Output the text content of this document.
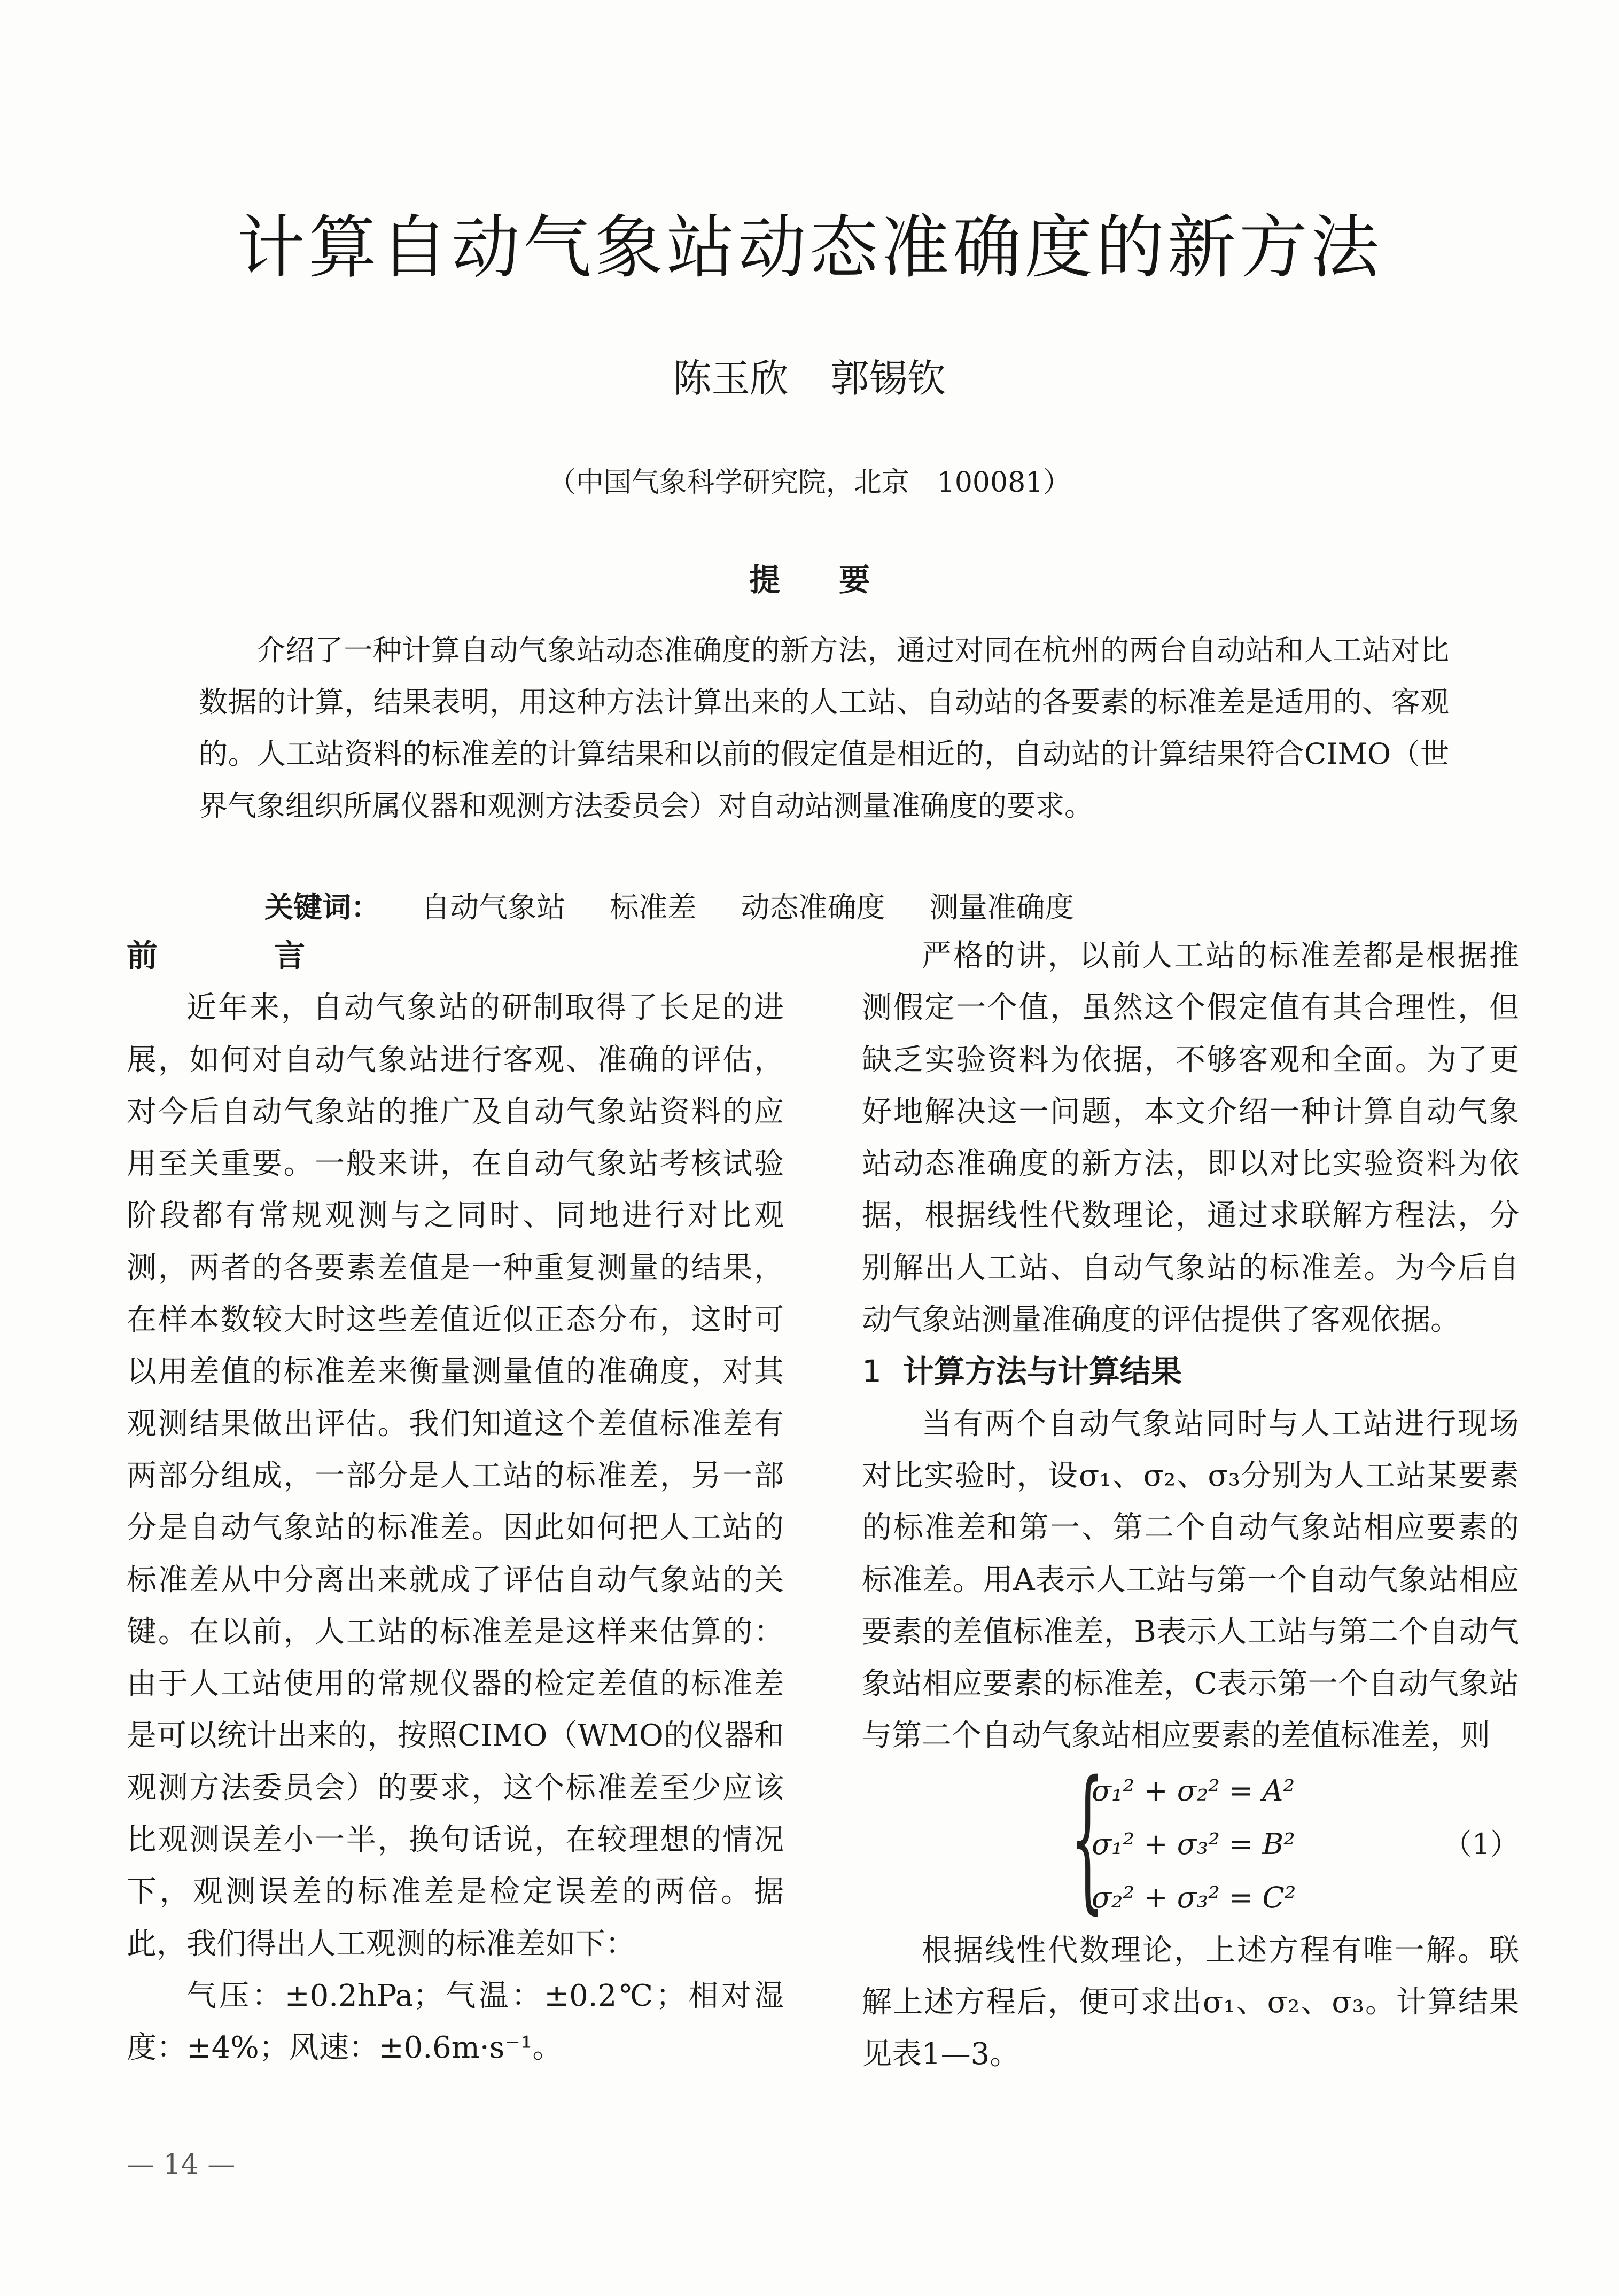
计算自动气象站动态准确度的新方法
陈玉欣 郭锡钦
（中国气象科学研究院，北京　100081）
提要
介绍了一种计算自动气象站动态准确度的新方法，通过对同在杭州的两台自动站和人工站对比数据的计算，结果表明，用这种方法计算出来的人工站、自动站的各要素的标准差是适用的、客观的。人工站资料的标准差的计算结果和以前的假定值是相近的，自动站的计算结果符合CIMO（世界气象组织所属仪器和观测方法委员会）对自动站测量准确度的要求。
关键词： 自动气象站 标准差 动态准确度 测量准确度
前　言

近年来，自动气象站的研制取得了长足的进展，如何对自动气象站进行客观、准确的评估，对今后自动气象站的推广及自动气象站资料的应用至关重要。一般来讲，在自动气象站考核试验阶段都有常规观测与之同时、同地进行对比观测，两者的各要素差值是一种重复测量的结果，在样本数较大时这些差值近似正态分布，这时可以用差值的标准差来衡量测量值的准确度，对其观测结果做出评估。我们知道这个差值标准差有两部分组成，一部分是人工站的标准差，另一部分是自动气象站的标准差。因此如何把人工站的标准差从中分离出来就成了评估自动气象站的关键。在以前，人工站的标准差是这样来估算的：由于人工站使用的常规仪器的检定差值的标准差是可以统计出来的，按照CIMO（WMO的仪器和观测方法委员会）的要求，这个标准差至少应该比观测误差小一半，换句话说，在较理想的情况下，观测误差的标准差是检定误差的两倍。据此，我们得出人工观测的标准差如下：

气压：±0.2hPa；气温：±0.2℃；相对湿度：±4%；风速：±0.6m·s⁻¹。

严格的讲，以前人工站的标准差都是根据推测假定一个值，虽然这个假定值有其合理性，但缺乏实验资料为依据，不够客观和全面。为了更好地解决这一问题，本文介绍一种计算自动气象站动态准确度的新方法，即以对比实验资料为依据，根据线性代数理论，通过求联解方程法，分别解出人工站、自动气象站的标准差。为今后自动气象站测量准确度的评估提供了客观依据。

1 计算方法与计算结果

当有两个自动气象站同时与人工站进行现场对比实验时，设σ₁、σ₂、σ₃分别为人工站某要素的标准差和第一、第二个自动气象站相应要素的标准差。用A表示人工站与第一个自动气象站相应要素的差值标准差，B表示人工站与第二个自动气象站相应要素的标准差，C表示第一个自动气象站与第二个自动气象站相应要素的差值标准差，则

{
σ₁² + σ₂² = A²
σ₁² + σ₃² = B²
σ₂² + σ₃² = C²
（1）

根据线性代数理论，上述方程有唯一解。联解上述方程后，便可求出σ₁、σ₂、σ₃。计算结果见表1—3。

— 14 —
